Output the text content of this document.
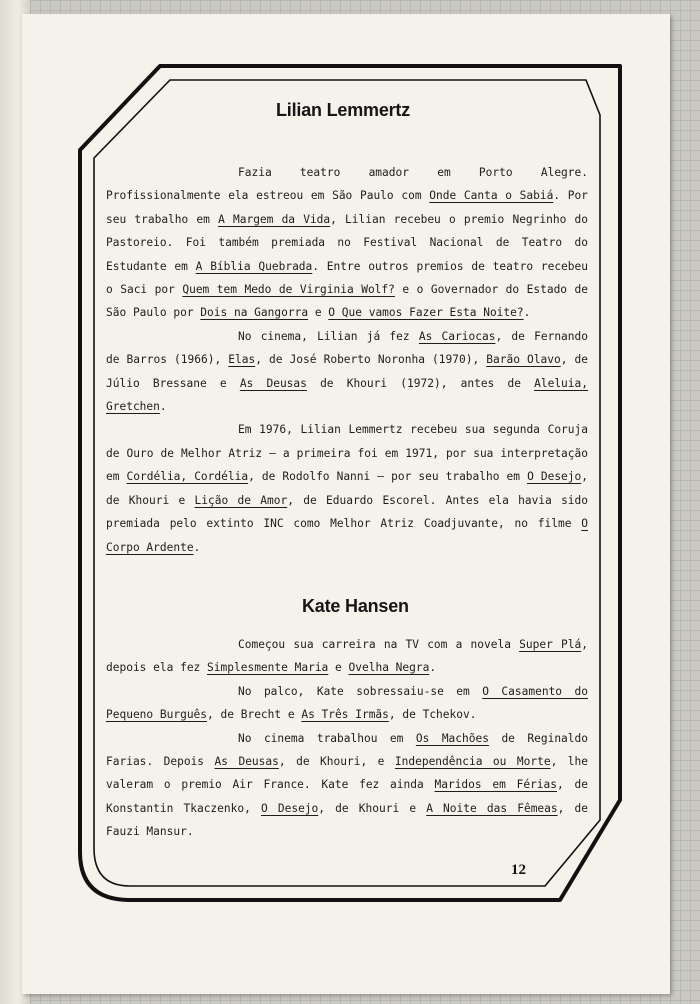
Lilian Lemmertz

Fazia teatro amador em Porto Alegre. Profissionalmente ela estreou em São Paulo com Onde Canta o Sabiá. Por seu trabalho em A Margem da Vida, Lilian recebeu o premio Negrinho do Pastoreio. Foi também premiada no Festival Nacional de Teatro do Estudante em A Bíblia Quebrada. Entre outros premios de teatro recebeu o Saci por Quem tem Medo de Virginia Wolf? e o Governador do Estado de São Paulo por Dois na Gangorra e O Que vamos Fazer Esta Noite?.

No cinema, Lilian já fez As Cariocas, de Fernando de Barros (1966), Elas, de José Roberto Noronha (1970), Barão Olavo, de Júlio Bressane e As Deusas de Khouri (1972), antes de Aleluia, Gretchen.

Em 1976, Lilian Lemmertz recebeu sua segunda Coruja de Ouro de Melhor Atriz — a primeira foi em 1971, por sua interpretação em Cordélia, Cordélia, de Rodolfo Nanni — por seu trabalho em O Desejo, de Khouri e Lição de Amor, de Eduardo Escorel. Antes ela havia sido premiada pelo extinto INC como Melhor Atriz Coadjuvante, no filme O Corpo Ardente.

Kate Hansen

Começou sua carreira na TV com a novela Super Plá, depois ela fez Simplesmente Maria e Ovelha Negra.

No palco, Kate sobressaiu-se em O Casamento do Pequeno Burguês, de Brecht e As Três Irmãs, de Tchekov.

No cinema trabalhou em Os Machões de Reginaldo Farias. Depois As Deusas, de Khouri, e Independência ou Morte, lhe valeram o premio Air France. Kate fez ainda Maridos em Férias, de Konstantin Tkaczenko, O Desejo, de Khouri e A Noite das Fêmeas, de Fauzi Mansur.

12
